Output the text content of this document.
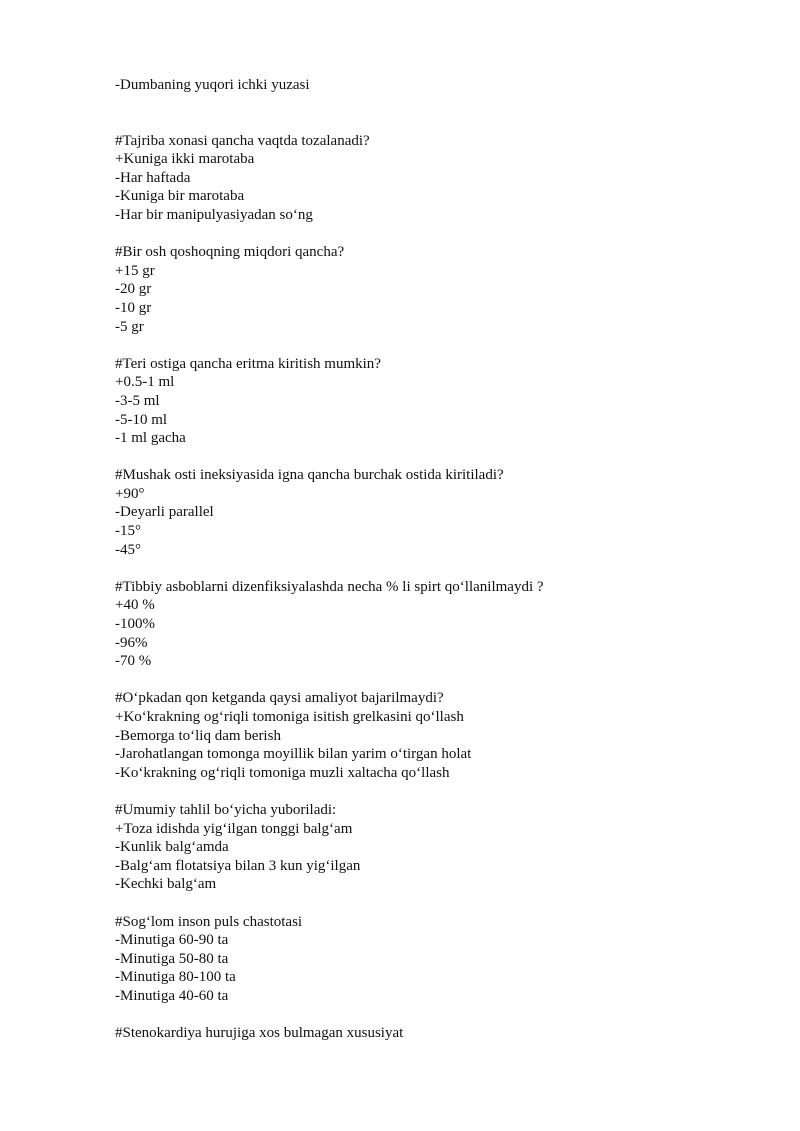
-Dumbaning yuqori ichki yuzasi
#Tajriba xonasi qancha vaqtda tozalanadi?
+Kuniga ikki marotaba
-Har haftada
-Kuniga bir marotaba
-Har bir manipulyasiyadan so‘ng
#Bir osh qoshoqning miqdori qancha?
+15 gr
-20 gr
-10 gr
-5 gr
#Teri ostiga qancha eritma kiritish mumkin?
+0.5-1 ml
-3-5 ml
-5-10 ml
-1 ml gacha
#Mushak osti ineksiyasida igna qancha burchak ostida kiritiladi?
+90°
-Deyarli parallel
-15°
-45°
#Tibbiy asboblarni dizenfiksiyalashda necha % li spirt qo‘llanilmaydi ?
+40 %
-100%
-96%
-70 %
#O‘pkadan qon ketganda qaysi amaliyot bajarilmaydi?
+Ko‘krakning og‘riqli tomoniga isitish grelkasini qo‘llash
-Bemorga to‘liq dam berish
-Jarohatlangan tomonga moyillik bilan yarim o‘tirgan holat
-Ko‘krakning og‘riqli tomoniga muzli xaltacha qo‘llash
#Umumiy tahlil bo‘yicha yuboriladi:
+Toza idishda yig‘ilgan tonggi balg‘am
-Kunlik balg‘amda
-Balg‘am flotatsiya bilan 3 kun yig‘ilgan
-Kechki balg‘am
#Sog‘lom inson puls chastotasi
-Minutiga 60-90 ta
-Minutiga 50-80 ta
-Minutiga 80-100 ta
-Minutiga 40-60 ta
#Stenokardiya hurujiga xos bulmagan xususiyat
